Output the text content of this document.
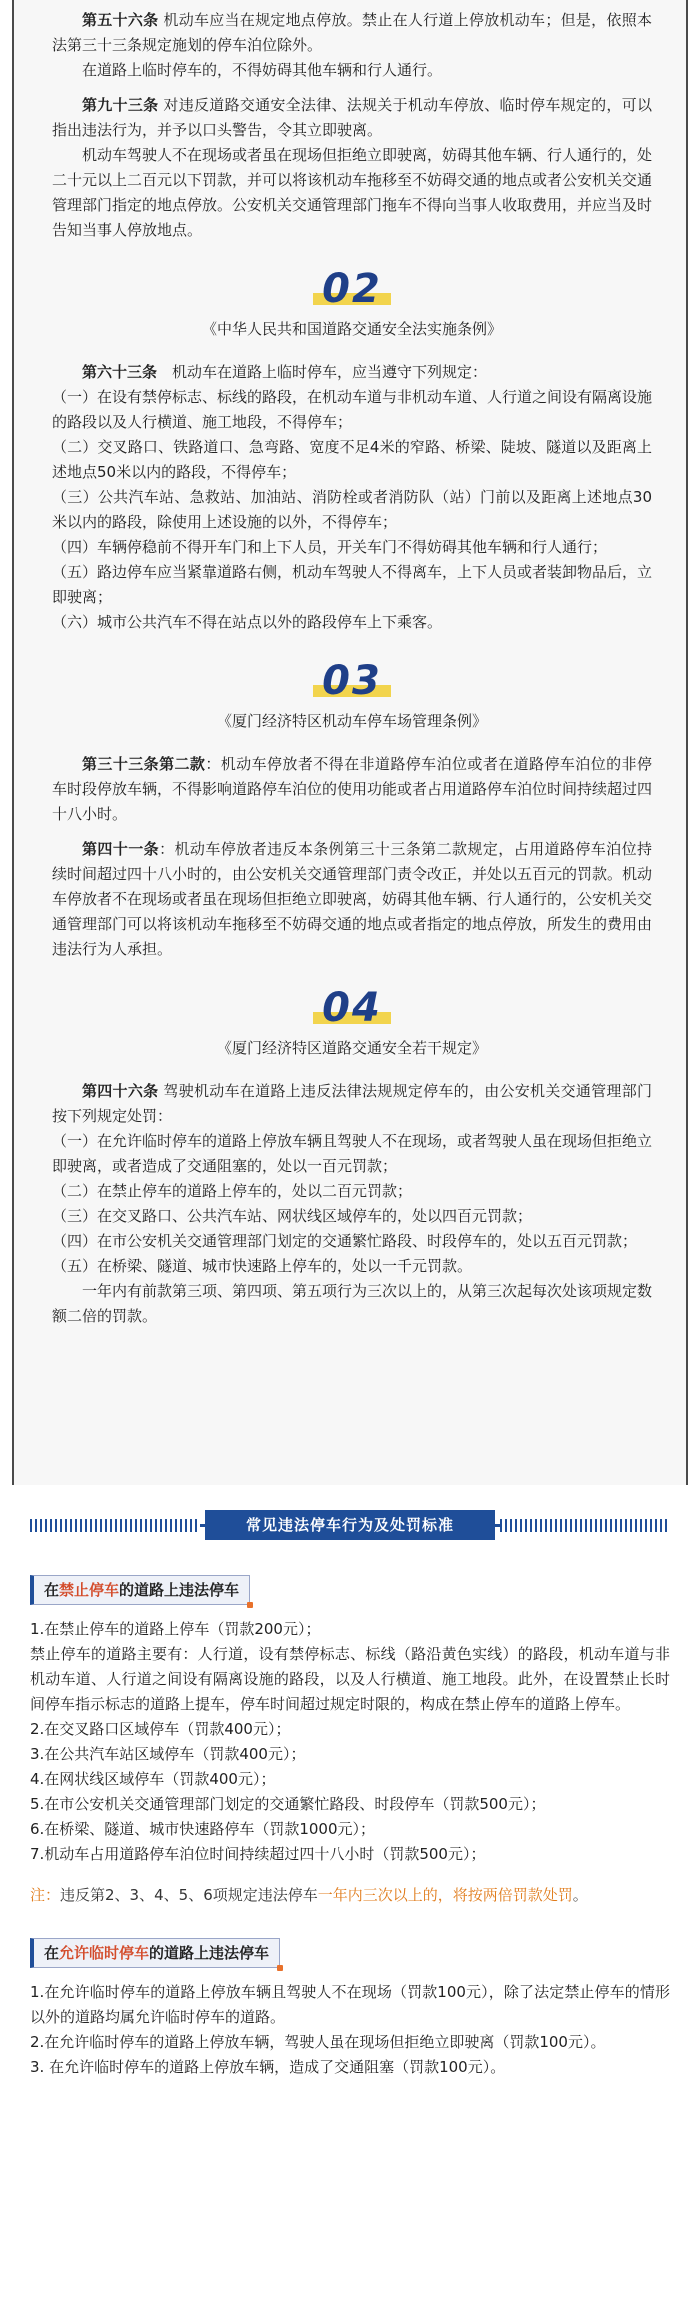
第五十六条 机动车应当在规定地点停放。禁止在人行道上停放机动车；但是，依照本法第三十三条规定施划的停车泊位除外。

在道路上临时停车的，不得妨碍其他车辆和行人通行。

第九十三条 对违反道路交通安全法律、法规关于机动车停放、临时停车规定的，可以指出违法行为，并予以口头警告，令其立即驶离。

机动车驾驶人不在现场或者虽在现场但拒绝立即驶离，妨碍其他车辆、行人通行的，处二十元以上二百元以下罚款，并可以将该机动车拖移至不妨碍交通的地点或者公安机关交通管理部门指定的地点停放。公安机关交通管理部门拖车不得向当事人收取费用，并应当及时告知当事人停放地点。

02

《中华人民共和国道路交通安全法实施条例》

第六十三条　机动车在道路上临时停车，应当遵守下列规定：

（一）在设有禁停标志、标线的路段，在机动车道与非机动车道、人行道之间设有隔离设施的路段以及人行横道、施工地段，不得停车；

（二）交叉路口、铁路道口、急弯路、宽度不足4米的窄路、桥梁、陡坡、隧道以及距离上述地点50米以内的路段，不得停车；

（三）公共汽车站、急救站、加油站、消防栓或者消防队（站）门前以及距离上述地点30米以内的路段，除使用上述设施的以外，不得停车；

（四）车辆停稳前不得开车门和上下人员，开关车门不得妨碍其他车辆和行人通行；

（五）路边停车应当紧靠道路右侧，机动车驾驶人不得离车，上下人员或者装卸物品后，立即驶离；

（六）城市公共汽车不得在站点以外的路段停车上下乘客。

03

《厦门经济特区机动车停车场管理条例》

第三十三条第二款：机动车停放者不得在非道路停车泊位或者在道路停车泊位的非停车时段停放车辆，不得影响道路停车泊位的使用功能或者占用道路停车泊位时间持续超过四十八小时。

第四十一条：机动车停放者违反本条例第三十三条第二款规定，占用道路停车泊位持续时间超过四十八小时的，由公安机关交通管理部门责令改正，并处以五百元的罚款。机动车停放者不在现场或者虽在现场但拒绝立即驶离，妨碍其他车辆、行人通行的，公安机关交通管理部门可以将该机动车拖移至不妨碍交通的地点或者指定的地点停放，所发生的费用由违法行为人承担。

04

《厦门经济特区道路交通安全若干规定》

第四十六条 驾驶机动车在道路上违反法律法规规定停车的，由公安机关交通管理部门按下列规定处罚：

（一）在允许临时停车的道路上停放车辆且驾驶人不在现场，或者驾驶人虽在现场但拒绝立即驶离，或者造成了交通阻塞的，处以一百元罚款；

（二）在禁止停车的道路上停车的，处以二百元罚款；

（三）在交叉路口、公共汽车站、网状线区域停车的，处以四百元罚款；

（四）在市公安机关交通管理部门划定的交通繁忙路段、时段停车的，处以五百元罚款；

（五）在桥梁、隧道、城市快速路上停车的，处以一千元罚款。

一年内有前款第三项、第四项、第五项行为三次以上的，从第三次起每次处该项规定数额二倍的罚款。

常见违法停车行为及处罚标准
在禁止停车的道路上违法停车

1.在禁止停车的道路上停车（罚款200元）；

禁止停车的道路主要有：人行道，设有禁停标志、标线（路沿黄色实线）的路段，机动车道与非机动车道、人行道之间设有隔离设施的路段，以及人行横道、施工地段。此外，在设置禁止长时间停车指示标志的道路上提车，停车时间超过规定时限的，构成在禁止停车的道路上停车。

2.在交叉路口区域停车（罚款400元）；

3.在公共汽车站区域停车（罚款400元）；

4.在网状线区域停车（罚款400元）；

5.在市公安机关交通管理部门划定的交通繁忙路段、时段停车（罚款500元）；

6.在桥梁、隧道、城市快速路停车（罚款1000元）；

7.机动车占用道路停车泊位时间持续超过四十八小时（罚款500元）；

注：违反第2、3、4、5、6项规定违法停车一年内三次以上的，将按两倍罚款处罚。

在允许临时停车的道路上违法停车

1.在允许临时停车的道路上停放车辆且驾驶人不在现场（罚款100元），除了法定禁止停车的情形以外的道路均属允许临时停车的道路。

2.在允许临时停车的道路上停放车辆，驾驶人虽在现场但拒绝立即驶离（罚款100元）。

3. 在允许临时停车的道路上停放车辆，造成了交通阻塞（罚款100元）。
